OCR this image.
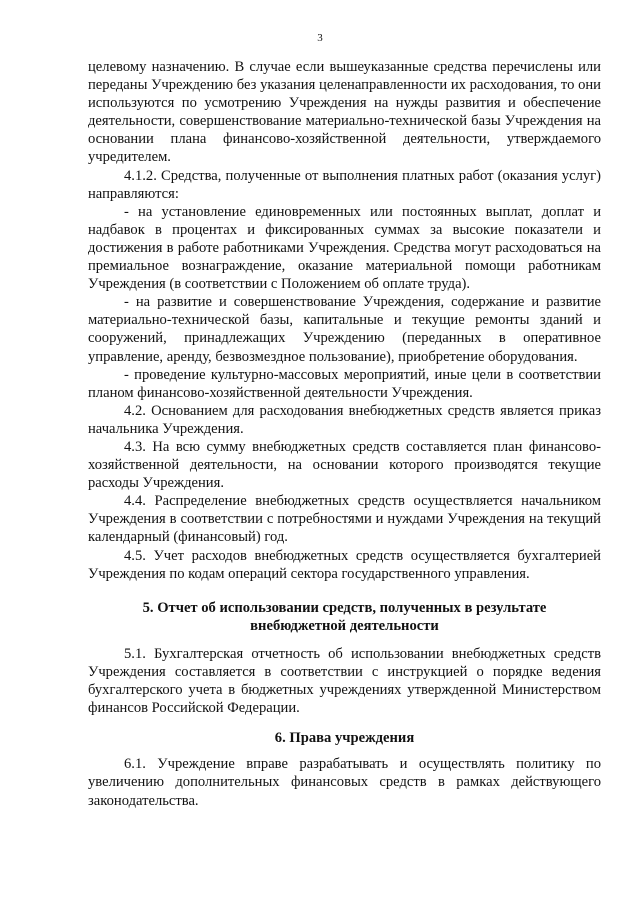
3

целевому назначению. В случае если вышеуказанные средства перечислены или переданы Учреждению без указания целенаправленности их расходования, то они используются по усмотрению Учреждения на нужды развития и обеспечение деятельности, совершенствование материально-технической базы Учреждения на основании плана финансово-хозяйственной деятельности, утверждаемого учредителем.

4.1.2. Средства, полученные от выполнения платных работ (оказания услуг) направляются:

- на установление единовременных или постоянных выплат, доплат и надбавок в процентах и фиксированных суммах за высокие показатели и достижения в работе работниками Учреждения. Средства могут расходоваться на премиальное вознаграждение, оказание материальной помощи работникам Учреждения (в соответствии с Положением об оплате труда).

- на развитие и совершенствование Учреждения, содержание и развитие материально-технической базы, капитальные и текущие ремонты зданий и сооружений, принадлежащих Учреждению (переданных в оперативное управление, аренду, безвозмездное пользование), приобретение оборудования.

- проведение культурно-массовых мероприятий, иные цели в соответствии планом финансово-хозяйственной деятельности Учреждения.

4.2. Основанием для расходования внебюджетных средств является приказ начальника Учреждения.

4.3. На всю сумму внебюджетных средств составляется план финансово-хозяйственной деятельности, на основании которого производятся текущие расходы Учреждения.

4.4. Распределение внебюджетных средств осуществляется начальником Учреждения в соответствии с потребностями и нуждами Учреждения на текущий календарный (финансовый) год.

4.5. Учет расходов внебюджетных средств осуществляется бухгалтерией Учреждения по кодам операций сектора государственного управления.

5. Отчет об использовании средств, полученных в результате
внебюджетной деятельности

5.1. Бухгалтерская отчетность об использовании внебюджетных средств Учреждения составляется в соответствии с инструкцией о порядке ведения бухгалтерского учета в бюджетных учреждениях утвержденной Министерством финансов Российской Федерации.

6. Права учреждения

6.1. Учреждение вправе разрабатывать и осуществлять политику по увеличению дополнительных финансовых средств в рамках действующего законодательства.
